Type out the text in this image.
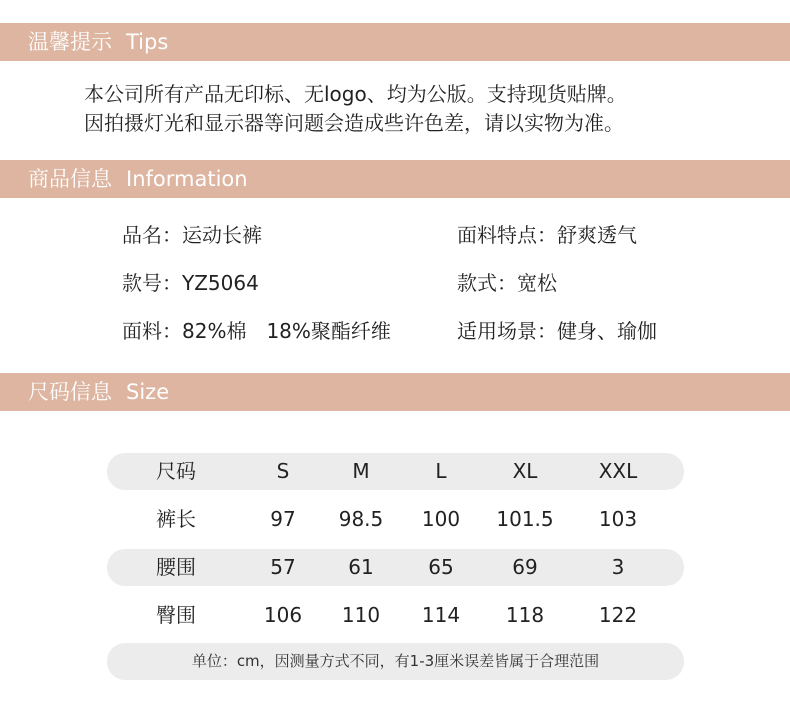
温馨提示 Tips
本公司所有产品无印标、无logo、均为公版。支持现货贴牌。
因拍摄灯光和显示器等问题会造成些许色差，请以实物为准。
商品信息 Information
品名：运动长裤	面料特点：舒爽透气
款号：YZ5064	款式：宽松
面料：82%棉　18%聚酯纤维	适用场景：健身、瑜伽
尺码信息 Size
尺码	S	M	L	XL	XXL
裤长	97 98.5 100 101.5 103
腰围	57	61	65	69	3
臀围	106 110 114 118	122
单位：cm，因测量方式不同，有1-3厘米误差皆属于合理范围
